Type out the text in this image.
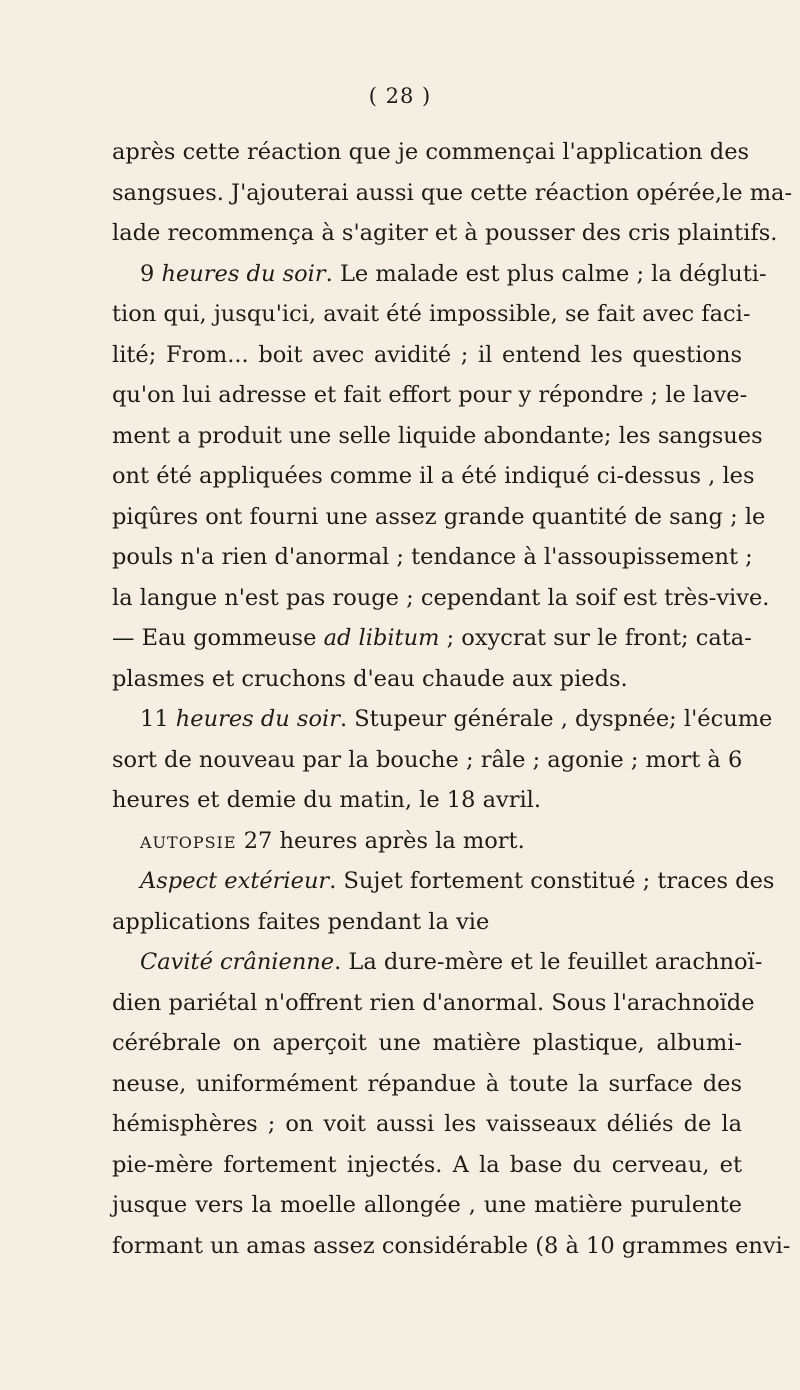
( 28 )
après cette réaction que je commençai l'application des
sangsues. J'ajouterai aussi que cette réaction opérée,le ma-
lade recommença à s'agiter et à pousser des cris plaintifs.
9 heures du soir. Le malade est plus calme ; la dégluti-
tion qui, jusqu'ici, avait été impossible, se fait avec faci-
lité; From... boit avec avidité ; il entend les questions
qu'on lui adresse et fait effort pour y répondre ; le lave-
ment a produit une selle liquide abondante; les sangsues
ont été appliquées comme il a été indiqué ci-dessus , les
piqûres ont fourni une assez grande quantité de sang ; le
pouls n'a rien d'anormal ; tendance à l'assoupissement ;
la langue n'est pas rouge ; cependant la soif est très-vive.
— Eau gommeuse ad libitum ; oxycrat sur le front; cata-
plasmes et cruchons d'eau chaude aux pieds.
11 heures du soir. Stupeur générale , dyspnée; l'écume
sort de nouveau par la bouche ; râle ; agonie ; mort à 6
heures et demie du matin, le 18 avril.
autopsie 27 heures après la mort.
Aspect extérieur. Sujet fortement constitué ; traces des
applications faites pendant la vie
Cavité crânienne. La dure-mère et le feuillet arachnoï-
dien pariétal n'offrent rien d'anormal. Sous l'arachnoïde
cérébrale on aperçoit une matière plastique, albumi-
neuse, uniformément répandue à toute la surface des
hémisphères ; on voit aussi les vaisseaux déliés de la
pie-mère fortement injectés. A la base du cerveau, et
jusque vers la moelle allongée , une matière purulente
formant un amas assez considérable (8 à 10 grammes envi-
